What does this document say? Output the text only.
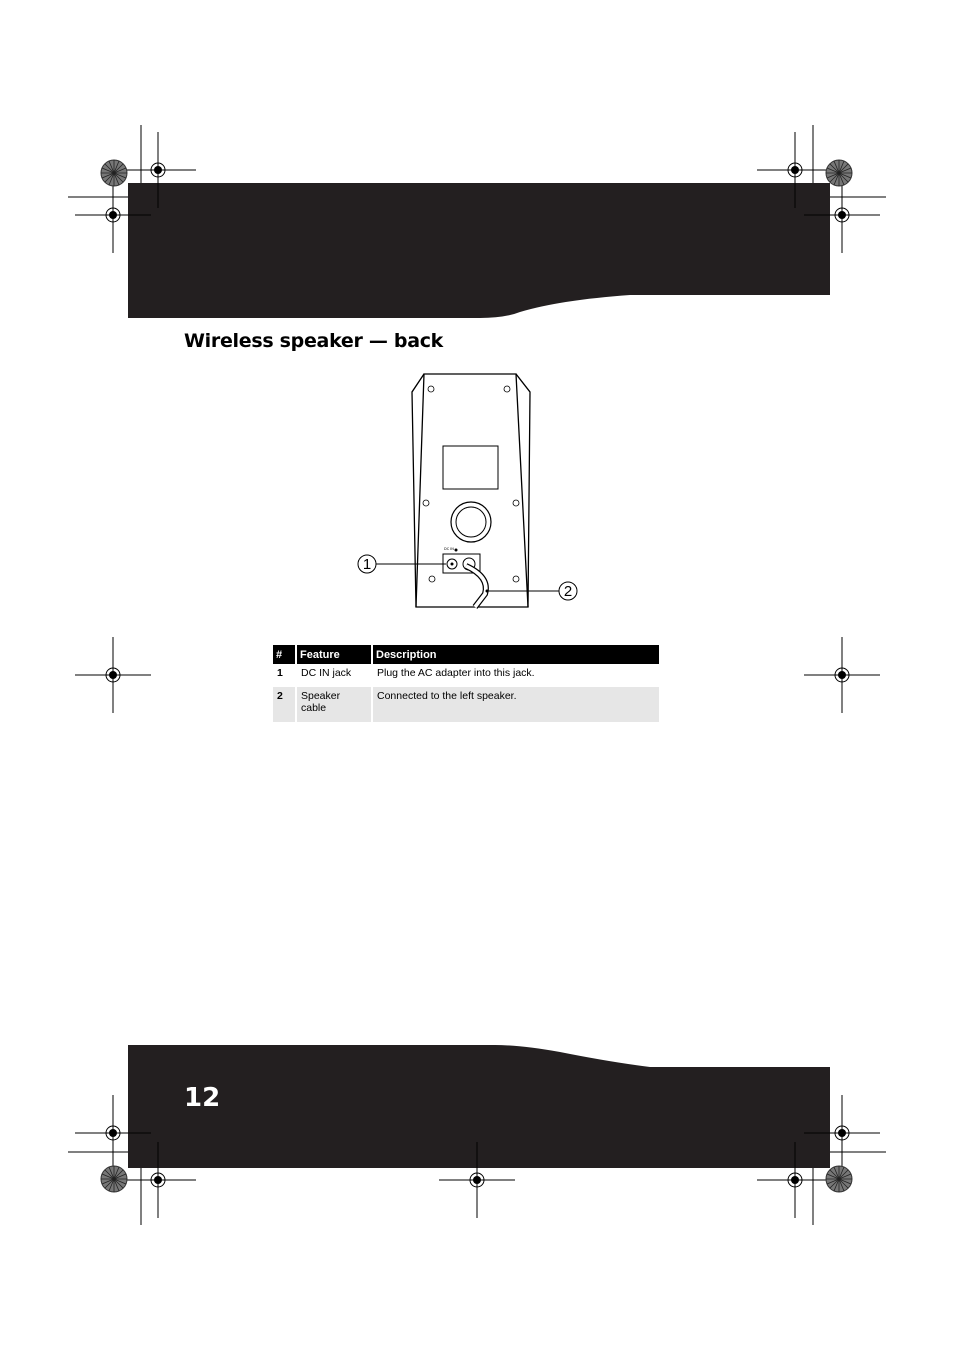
Wireless speaker — back
DC IN
1
2
#	Feature	Description
1	DC IN jack	Plug the AC adapter into this jack.
2	Speaker cable	Connected to the left speaker.

12
